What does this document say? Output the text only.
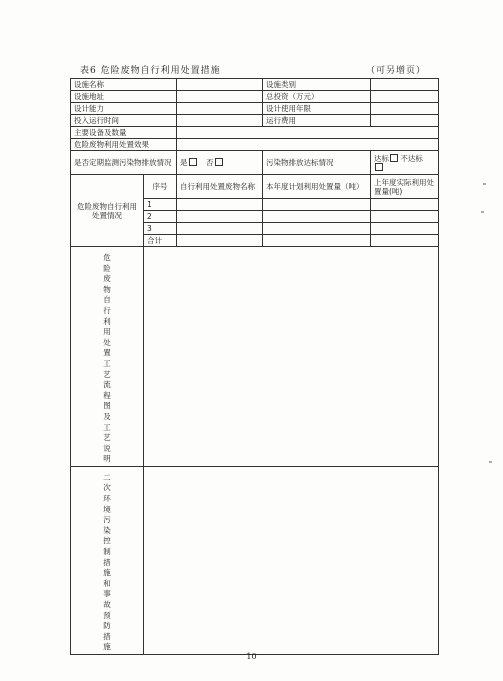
表6 危险废物自行利用处置措施	（可另增页）
设施名称			设施类别	
设施地址			总投资（万元）	
设计能力			设计使用年限	
投入运行时间			运行费用	
主要设备及数量				
危险废物利用处置效果				
是否定期监测污染物排放情况		是 否	污染物排放达标情况	达标 不达标

危险废物自行利用处置情况	序号	自行利用处置废物名称	本年度计划利用处置量（吨）	上年度实际利用处置量(吨)
	1			
	2			
	3			
	合计			

危险废物自行利用处置工艺流程图及工艺说明				

二次环境污染控制措施和事故预防措施				

10
